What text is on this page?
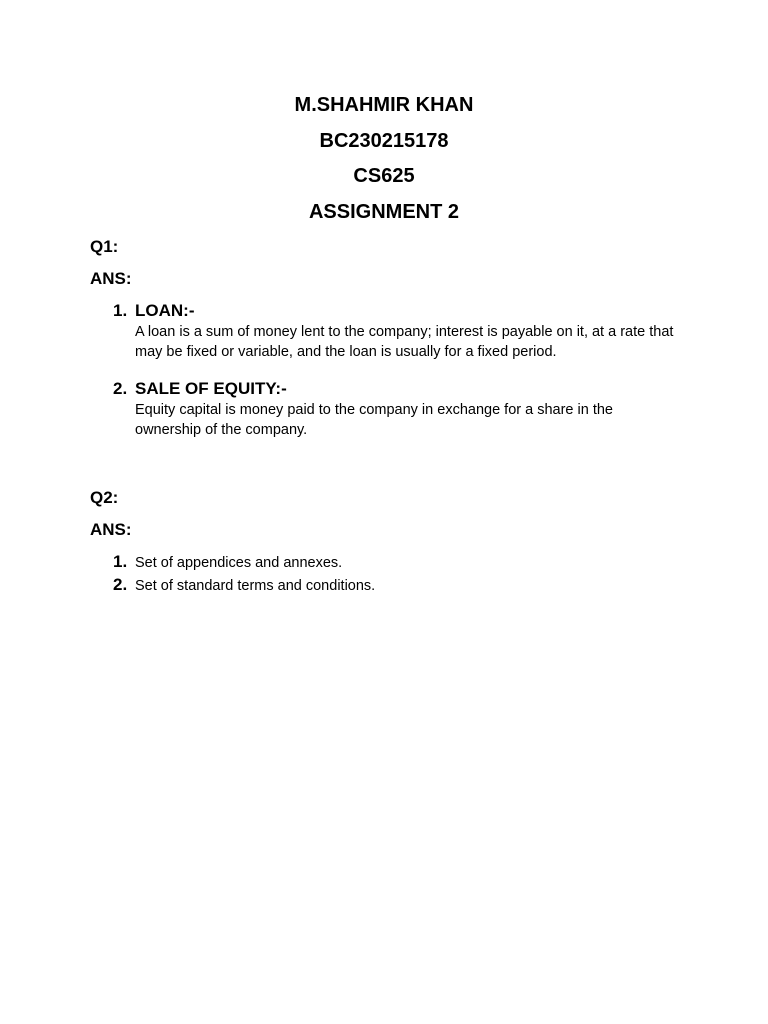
M.SHAHMIR KHAN
BC230215178
CS625
ASSIGNMENT 2
Q1:
ANS:
1. LOAN:-
A loan is a sum of money lent to the company; interest is payable on it, at a rate that may be fixed or variable, and the loan is usually for a fixed period.
2. SALE OF EQUITY:-
Equity capital is money paid to the company in exchange for a share in the ownership of the company.
Q2:
ANS:
1. Set of appendices and annexes.
2. Set of standard terms and conditions.
